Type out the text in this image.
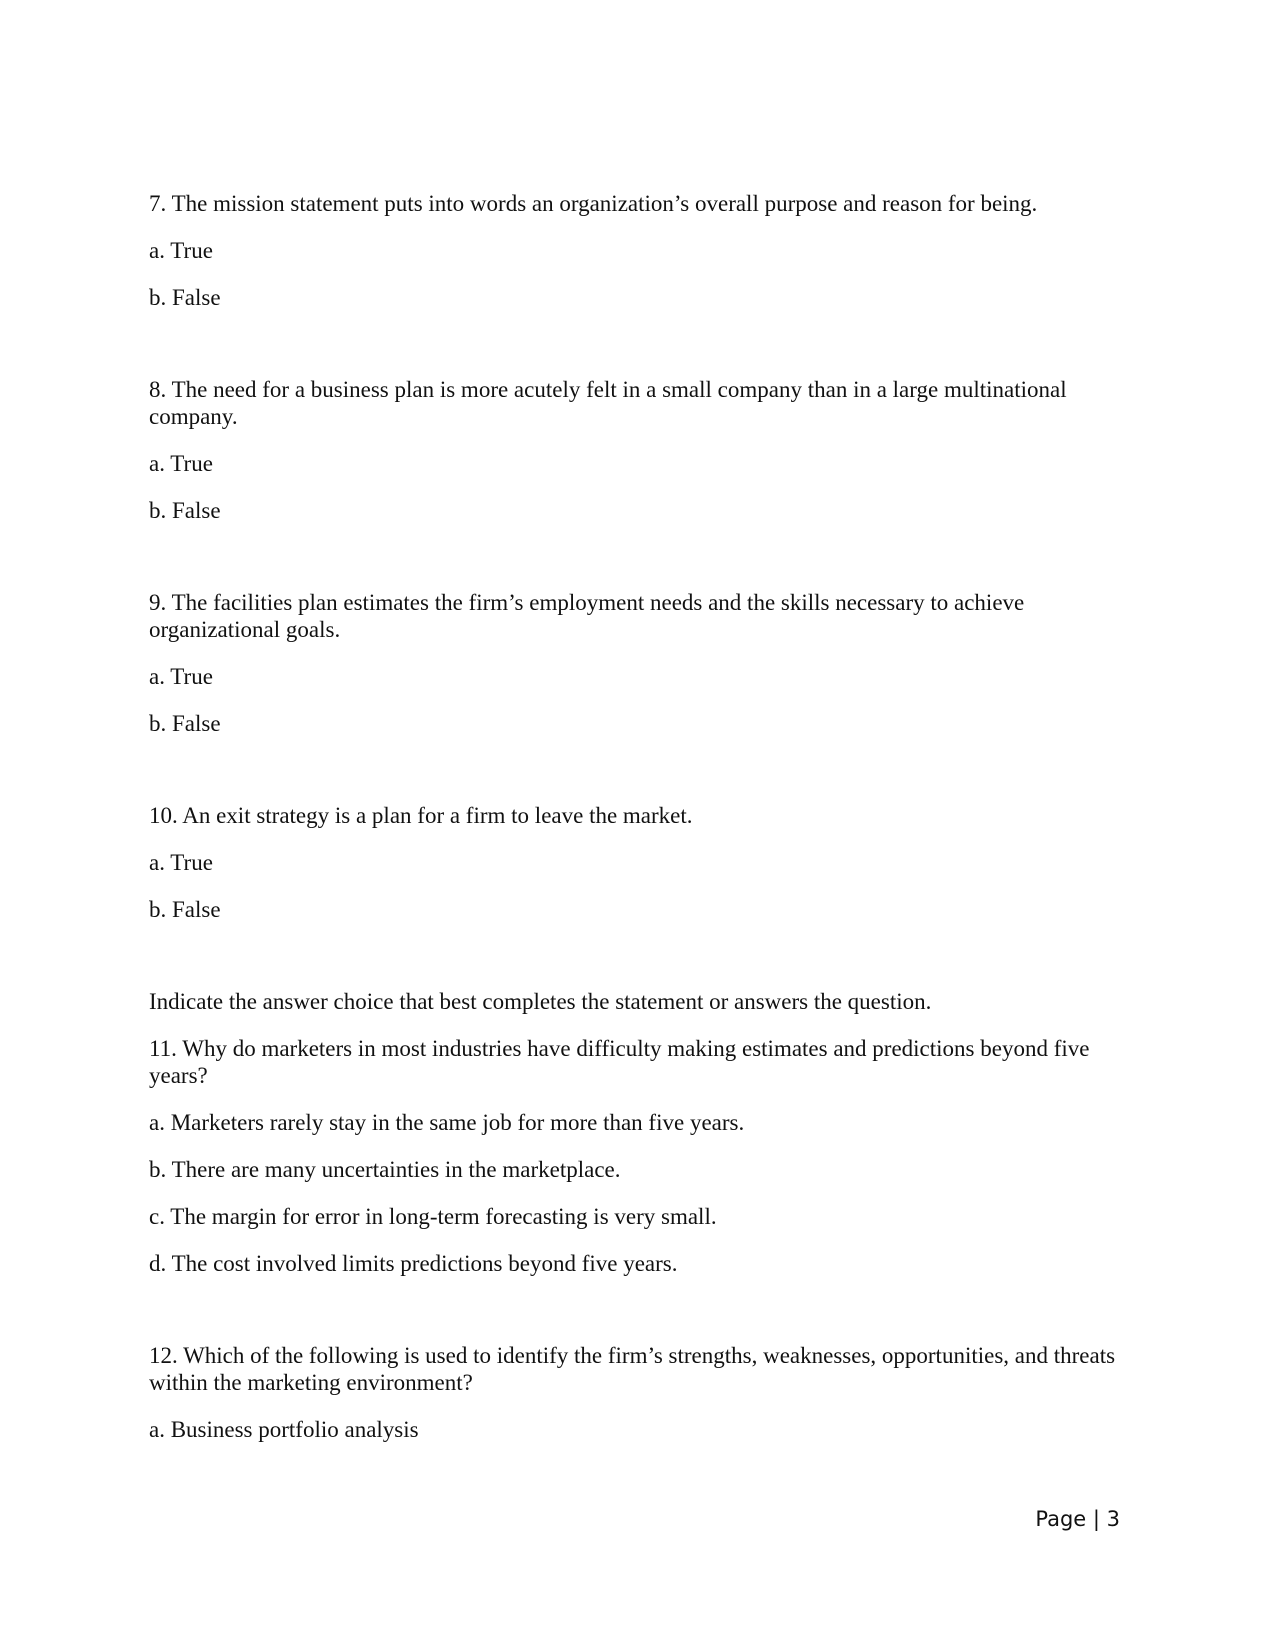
7. The mission statement puts into words an organization’s overall purpose and reason for being.

a. True

b. False

8. The need for a business plan is more acutely felt in a small company than in a large multinational company.

a. True

b. False

9. The facilities plan estimates the firm’s employment needs and the skills necessary to achieve organizational goals.

a. True

b. False

10. An exit strategy is a plan for a firm to leave the market.

a. True

b. False

Indicate the answer choice that best completes the statement or answers the question.

11. Why do marketers in most industries have difficulty making estimates and predictions beyond five years?

a. Marketers rarely stay in the same job for more than five years.

b. There are many uncertainties in the marketplace.

c. The margin for error in long-term forecasting is very small.

d. The cost involved limits predictions beyond five years.

12. Which of the following is used to identify the firm’s strengths, weaknesses, opportunities, and threats within the marketing environment?

a. Business portfolio analysis

Page | 3
